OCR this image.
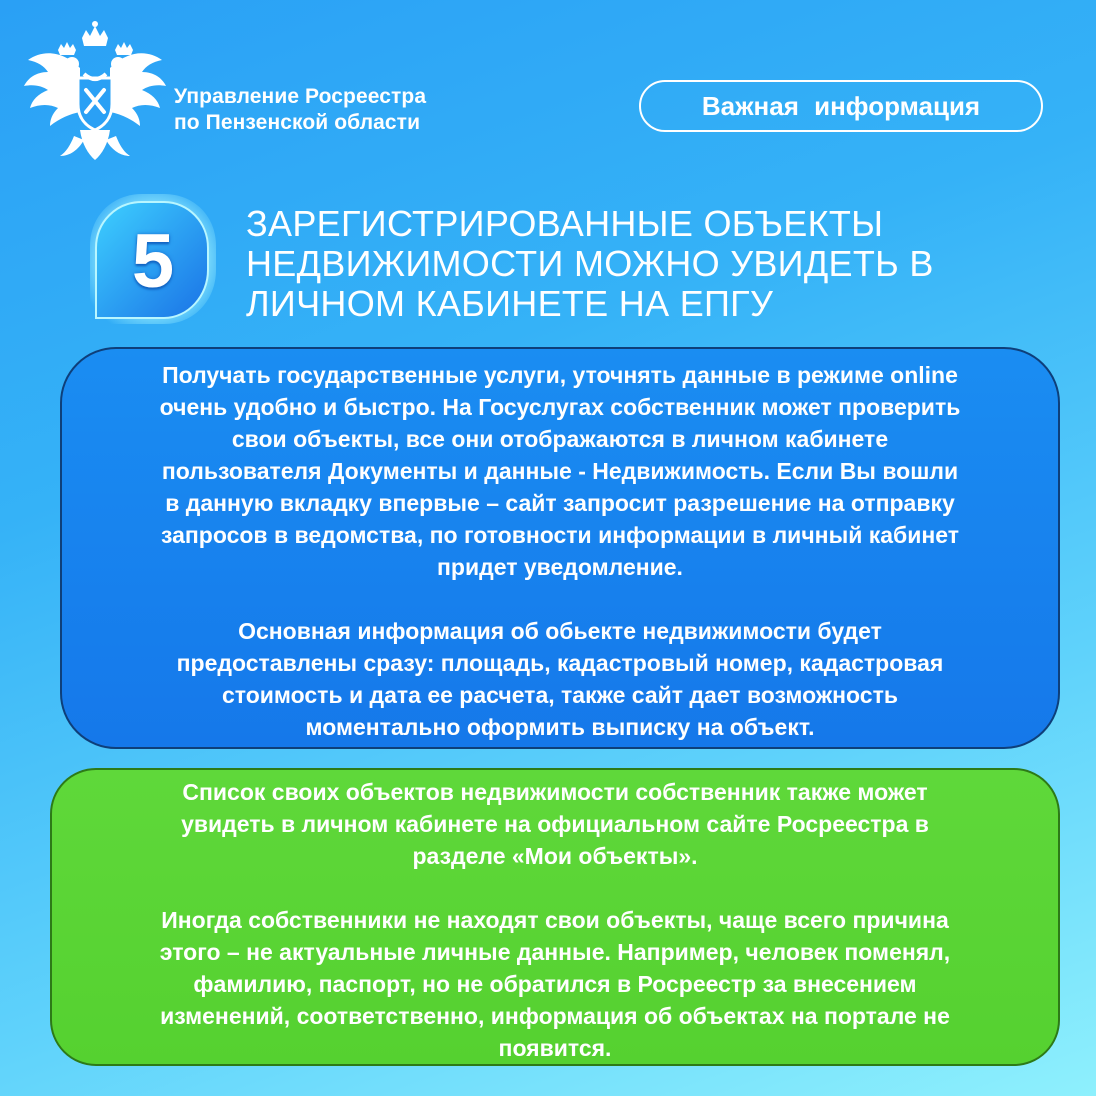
Управление Росреестра
по Пензенской области
Важная информация
5	ЗАРЕГИСТРИРОВАННЫЕ ОБЪЕКТЫ
НЕДВИЖИМОСТИ МОЖНО УВИДЕТЬ В
ЛИЧНОМ КАБИНЕТЕ НА ЕПГУ
Получать государственные услуги, уточнять данные в режиме online
очень удобно и быстро. На Госуслугах собственник может проверить
свои объекты, все они отображаются в личном кабинете
пользователя Документы и данные - Недвижимость. Если Вы вошли
в данную вкладку впервые – сайт запросит разрешение на отправку
запросов в ведомства, по готовности информации в личный кабинет
придет уведомление.
Основная информация об обьекте недвижимости будет
предоставлены сразу: площадь, кадастровый номер, кадастровая
стоимость и дата ее расчета, также сайт дает возможность
моментально оформить выписку на объект.
Список своих объектов недвижимости собственник также может
увидеть в личном кабинете на официальном сайте Росреестра в
разделе «Мои объекты».
Иногда собственники не находят свои объекты, чаще всего причина
этого – не актуальные личные данные. Например, человек поменял,
фамилию, паспорт, но не обратился в Росреестр за внесением
изменений, соответственно, информация об объектах на портале не
появится.
